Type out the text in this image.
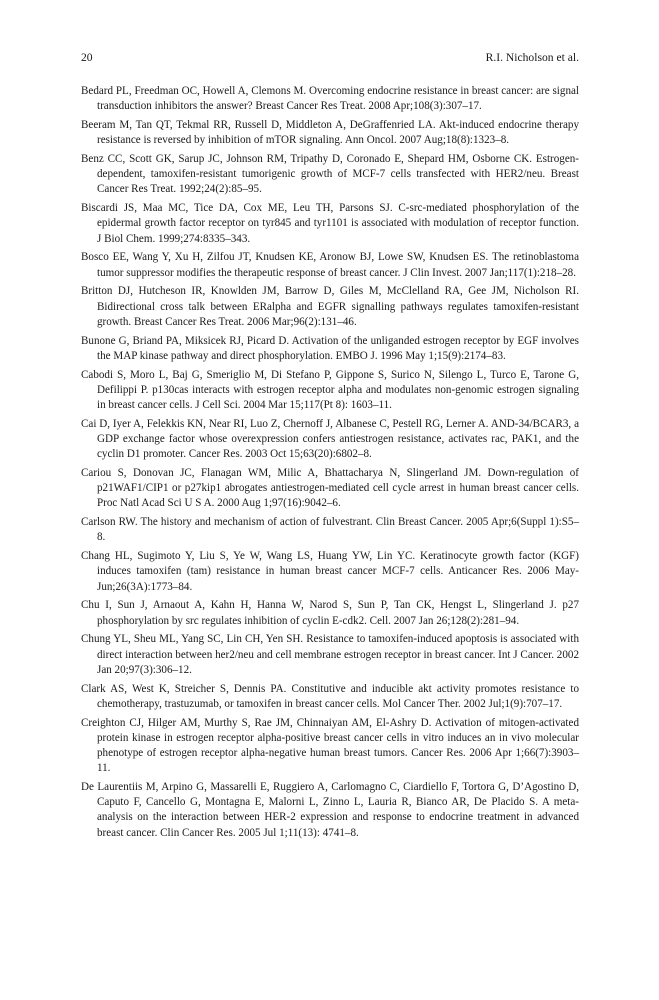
20	R.I. Nicholson et al.
Bedard PL, Freedman OC, Howell A, Clemons M. Overcoming endocrine resistance in breast cancer: are signal transduction inhibitors the answer? Breast Cancer Res Treat. 2008 Apr;108(3):307–17.
Beeram M, Tan QT, Tekmal RR, Russell D, Middleton A, DeGraffenried LA. Akt-induced endocrine therapy resistance is reversed by inhibition of mTOR signaling. Ann Oncol. 2007 Aug;18(8):1323–8.
Benz CC, Scott GK, Sarup JC, Johnson RM, Tripathy D, Coronado E, Shepard HM, Osborne CK. Estrogen-dependent, tamoxifen-resistant tumorigenic growth of MCF-7 cells transfected with HER2/neu. Breast Cancer Res Treat. 1992;24(2):85–95.
Biscardi JS, Maa MC, Tice DA, Cox ME, Leu TH, Parsons SJ. C-src-mediated phosphorylation of the epidermal growth factor receptor on tyr845 and tyr1101 is associated with modulation of receptor function. J Biol Chem. 1999;274:8335–343.
Bosco EE, Wang Y, Xu H, Zilfou JT, Knudsen KE, Aronow BJ, Lowe SW, Knudsen ES. The retinoblastoma tumor suppressor modifies the therapeutic response of breast cancer. J Clin Invest. 2007 Jan;117(1):218–28.
Britton DJ, Hutcheson IR, Knowlden JM, Barrow D, Giles M, McClelland RA, Gee JM, Nicholson RI. Bidirectional cross talk between ERalpha and EGFR signalling pathways regulates tamoxifen-resistant growth. Breast Cancer Res Treat. 2006 Mar;96(2):131–46.
Bunone G, Briand PA, Miksicek RJ, Picard D. Activation of the unliganded estrogen receptor by EGF involves the MAP kinase pathway and direct phosphorylation. EMBO J. 1996 May 1;15(9):2174–83.
Cabodi S, Moro L, Baj G, Smeriglio M, Di Stefano P, Gippone S, Surico N, Silengo L, Turco E, Tarone G, Defilippi P. p130cas interacts with estrogen receptor alpha and modulates non-genomic estrogen signaling in breast cancer cells. J Cell Sci. 2004 Mar 15;117(Pt 8): 1603–11.
Cai D, Iyer A, Felekkis KN, Near RI, Luo Z, Chernoff J, Albanese C, Pestell RG, Lerner A. AND-34/BCAR3, a GDP exchange factor whose overexpression confers antiestrogen resistance, activates rac, PAK1, and the cyclin D1 promoter. Cancer Res. 2003 Oct 15;63(20):6802–8.
Cariou S, Donovan JC, Flanagan WM, Milic A, Bhattacharya N, Slingerland JM. Down-regulation of p21WAF1/CIP1 or p27kip1 abrogates antiestrogen-mediated cell cycle arrest in human breast cancer cells. Proc Natl Acad Sci U S A. 2000 Aug 1;97(16):9042–6.
Carlson RW. The history and mechanism of action of fulvestrant. Clin Breast Cancer. 2005 Apr;6(Suppl 1):S5–8.
Chang HL, Sugimoto Y, Liu S, Ye W, Wang LS, Huang YW, Lin YC. Keratinocyte growth factor (KGF) induces tamoxifen (tam) resistance in human breast cancer MCF-7 cells. Anticancer Res. 2006 May-Jun;26(3A):1773–84.
Chu I, Sun J, Arnaout A, Kahn H, Hanna W, Narod S, Sun P, Tan CK, Hengst L, Slingerland J. p27 phosphorylation by src regulates inhibition of cyclin E-cdk2. Cell. 2007 Jan 26;128(2):281–94.
Chung YL, Sheu ML, Yang SC, Lin CH, Yen SH. Resistance to tamoxifen-induced apoptosis is associated with direct interaction between her2/neu and cell membrane estrogen receptor in breast cancer. Int J Cancer. 2002 Jan 20;97(3):306–12.
Clark AS, West K, Streicher S, Dennis PA. Constitutive and inducible akt activity promotes resistance to chemotherapy, trastuzumab, or tamoxifen in breast cancer cells. Mol Cancer Ther. 2002 Jul;1(9):707–17.
Creighton CJ, Hilger AM, Murthy S, Rae JM, Chinnaiyan AM, El-Ashry D. Activation of mitogen-activated protein kinase in estrogen receptor alpha-positive breast cancer cells in vitro induces an in vivo molecular phenotype of estrogen receptor alpha-negative human breast tumors. Cancer Res. 2006 Apr 1;66(7):3903–11.
De Laurentiis M, Arpino G, Massarelli E, Ruggiero A, Carlomagno C, Ciardiello F, Tortora G, D’Agostino D, Caputo F, Cancello G, Montagna E, Malorni L, Zinno L, Lauria R, Bianco AR, De Placido S. A meta-analysis on the interaction between HER-2 expression and response to endocrine treatment in advanced breast cancer. Clin Cancer Res. 2005 Jul 1;11(13): 4741–8.
